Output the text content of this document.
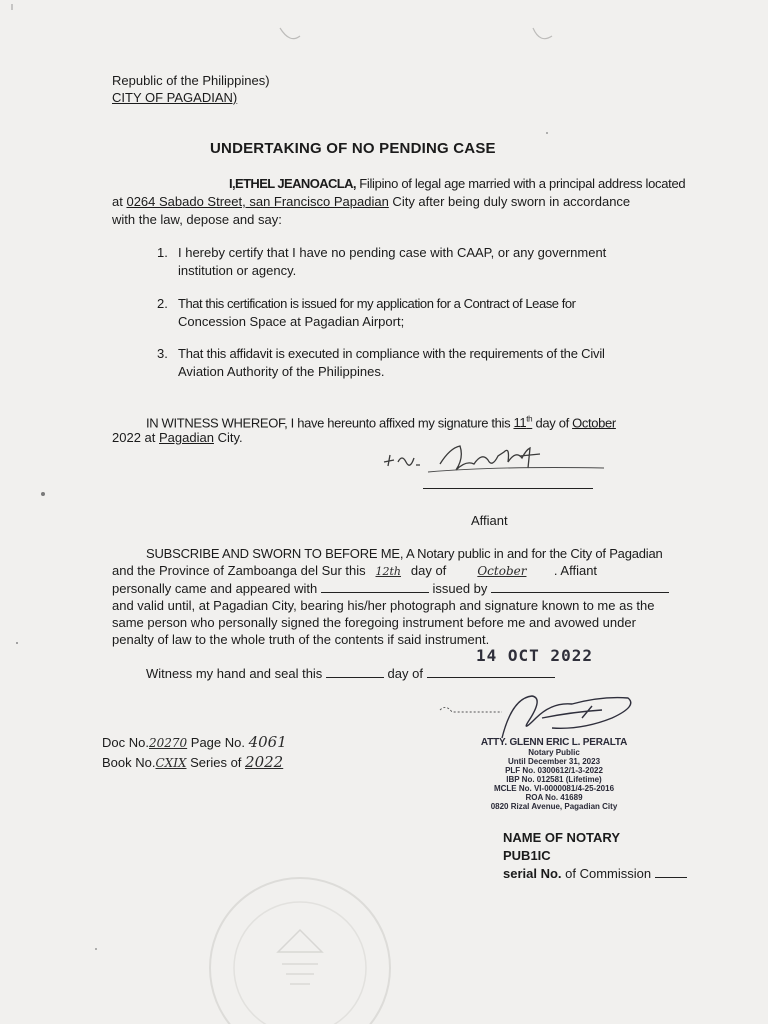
Republic of the Philippines)
CITY OF PAGADIAN)
UNDERTAKING OF NO PENDING CASE
I,ETHEL JEANOACLA, Filipino of legal age married with a principal address located
at 0264 Sabado Street, san Francisco Papadian City after being duly sworn in accordance
with the law, depose and say:
1. I hereby certify that I have no pending case with CAAP, or any government
institution or agency.
2. That this certification is issued for my application for a Contract of Lease for
Concession Space at Pagadian Airport;
3. That this affidavit is executed in compliance with the requirements of the Civil
Aviation Authority of the Philippines.
IN WITNESS WHEREOF, I have hereunto affixed my signature this 11th day of October
2022 at Pagadian City.
Affiant
SUBSCRIBE AND SWORN TO BEFORE ME, A Notary public in and for the City of Pagadian
and the Province of Zamboanga del Sur this 12th day of October . Affiant
personally came and appeared with	issued by
and valid until, at Pagadian City, bearing his/her photograph and signature known to me as the
same person who personally signed the foregoing instrument before me and avowed under
penalty of law to the whole truth of the contents if said instrument.
Witness my hand and seal this	day of
14 OCT 2022
Doc No.20270 Page No. 4061
Book No.CXIX Series of 2022
ATTY. GLENN ERIC L. PERALTA
Notary Public
Until December 31, 2023
PLF No. 0300612/1-3-2022
IBP No. 012581 (Lifetime)
MCLE No. VI-0000081/4-25-2016
ROA No. 41689
0820 Rizal Avenue, Pagadian City
NAME OF NOTARY
PUB1IC
serial No. of Commission
